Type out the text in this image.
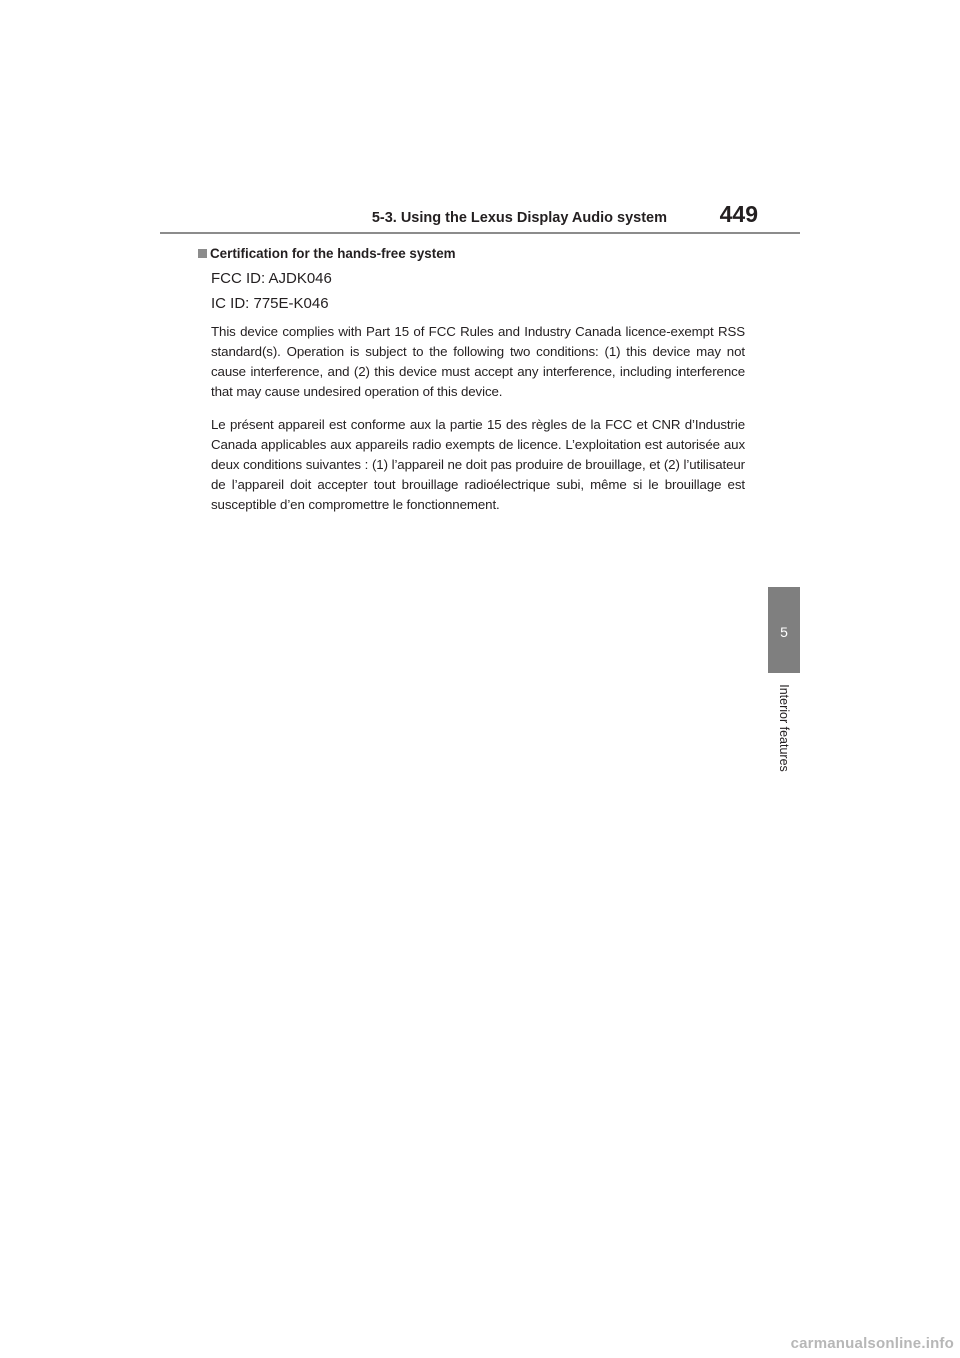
5-3. Using the Lexus Display Audio system 449
5
Interior features
Certification for the hands-free system
FCC ID: AJDK046
IC ID: 775E-K046

This device complies with Part 15 of FCC Rules and Industry Canada licence-exempt RSS standard(s). Operation is subject to the following two conditions: (1) this device may not cause interference, and (2) this device must accept any interference, including interference that may cause undesired operation of this device.

Le présent appareil est conforme aux la partie 15 des règles de la FCC et CNR d’Industrie Canada applicables aux appareils radio exempts de licence. L’exploitation est autorisée aux deux conditions suivantes : (1) l’appareil ne doit pas produire de brouillage, et (2) l’utilisateur de l’appareil doit accepter tout brouillage radioélectrique subi, même si le brouillage est susceptible d’en compromettre le fonctionnement.

carmanualsonline.info
